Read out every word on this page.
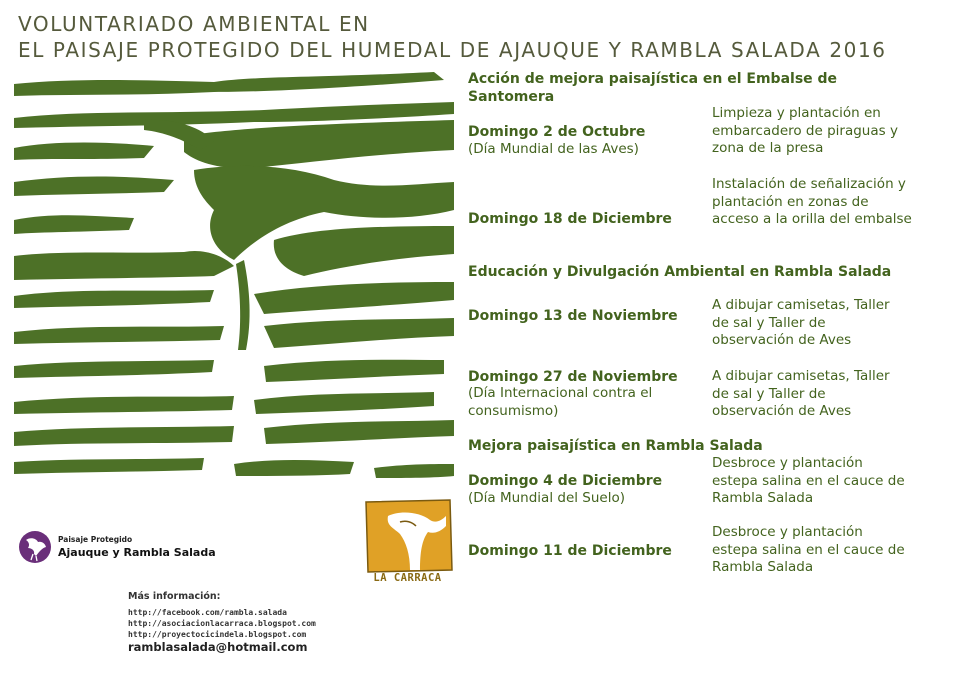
VOLUNTARIADO AMBIENTAL EN
EL PAISAJE PROTEGIDO DEL HUMEDAL DE AJAUQUE Y RAMBLA SALADA 2016
Acción de mejora paisajística en el Embalse de Santomera
Domingo 2 de Octubre
(Día Mundial de las Aves)
Limpieza y plantación en embarcadero de piraguas y zona de la presa
Domingo 18 de Diciembre
Instalación de señalización y plantación en zonas de acceso a la orilla del embalse
Educación y Divulgación Ambiental en Rambla Salada
Domingo 13 de Noviembre
A dibujar camisetas, Taller de sal y Taller de observación de Aves
Domingo 27 de Noviembre
(Día Internacional contra el consumismo)
A dibujar camisetas, Taller de sal y Taller de observación de Aves
Mejora paisajística en Rambla Salada
Domingo 4 de Diciembre
(Día Mundial del Suelo)
Desbroce y plantación estepa salina en el cauce de Rambla Salada
Domingo 11 de Diciembre
Desbroce y plantación estepa salina en el cauce de Rambla Salada
Paisaje Protegido
Ajauque y Rambla Salada
LA CARRACA
Más información:
http://facebook.com/rambla.salada
http://asociacionlacarraca.blogspot.com
http://proyectocicindela.blogspot.com
ramblasalada@hotmail.com
